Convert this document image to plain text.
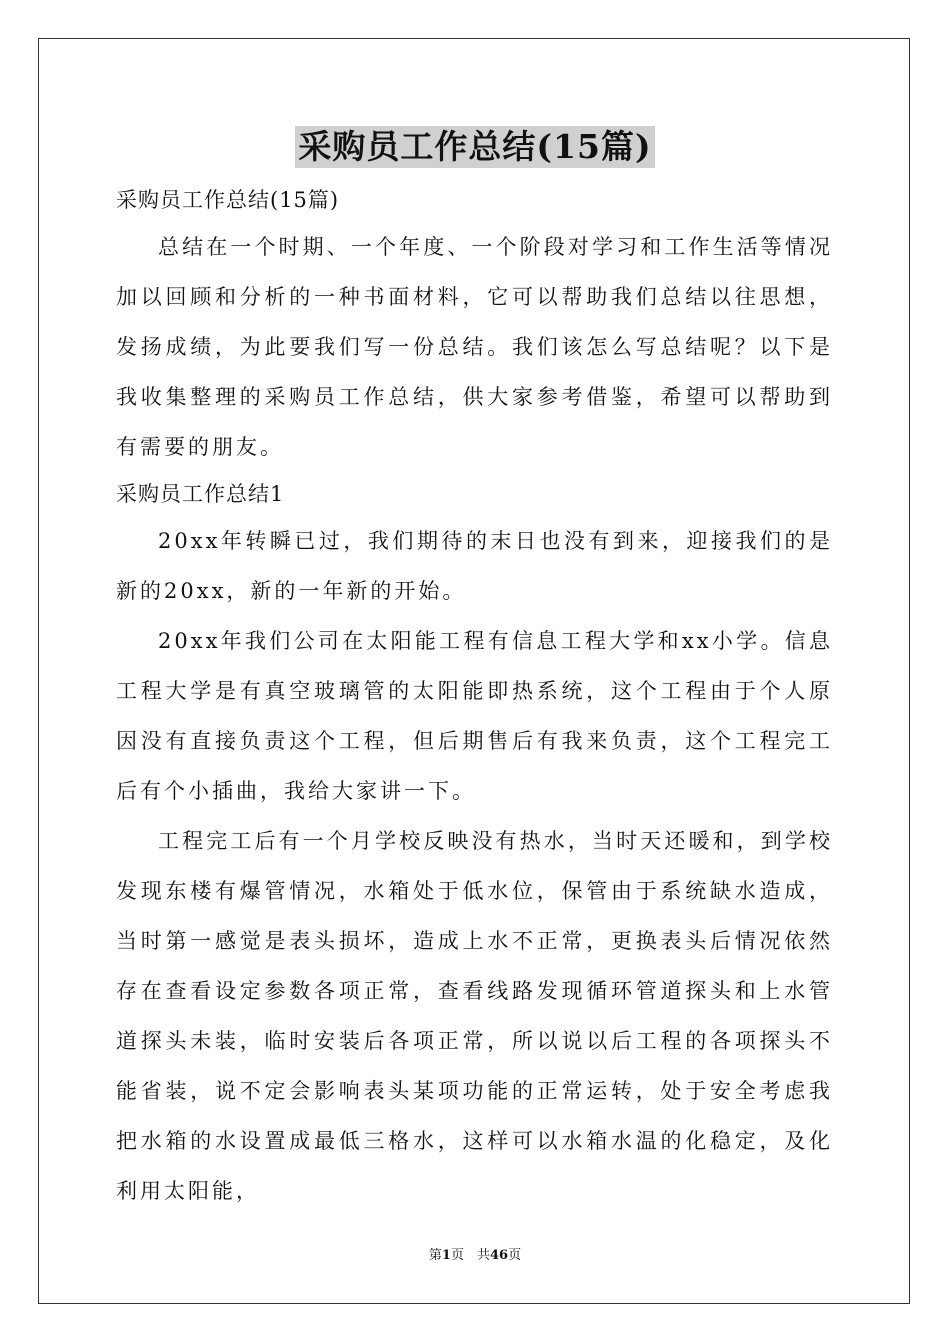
采购员工作总结(15篇)

采购员工作总结(15篇)

总结在一个时期、一个年度、一个阶段对学习和工作生活等情况加以回顾和分析的一种书面材料，它可以帮助我们总结以往思想，发扬成绩，为此要我们写一份总结。我们该怎么写总结呢？以下是我收集整理的采购员工作总结，供大家参考借鉴，希望可以帮助到有需要的朋友。

采购员工作总结1

20xx年转瞬已过，我们期待的末日也没有到来，迎接我们的是新的20xx，新的一年新的开始。

20xx年我们公司在太阳能工程有信息工程大学和xx小学。信息工程大学是有真空玻璃管的太阳能即热系统，这个工程由于个人原因没有直接负责这个工程，但后期售后有我来负责，这个工程完工后有个小插曲，我给大家讲一下。

工程完工后有一个月学校反映没有热水，当时天还暖和，到学校发现东楼有爆管情况，水箱处于低水位，保管由于系统缺水造成，当时第一感觉是表头损坏，造成上水不正常，更换表头后情况依然存在查看设定参数各项正常，查看线路发现循环管道探头和上水管道探头未装，临时安装后各项正常，所以说以后工程的各项探头不能省装，说不定会影响表头某项功能的正常运转，处于安全考虑我把水箱的水设置成最低三格水，这样可以水箱水温的化稳定，及化利用太阳能，

第1页　共46页
